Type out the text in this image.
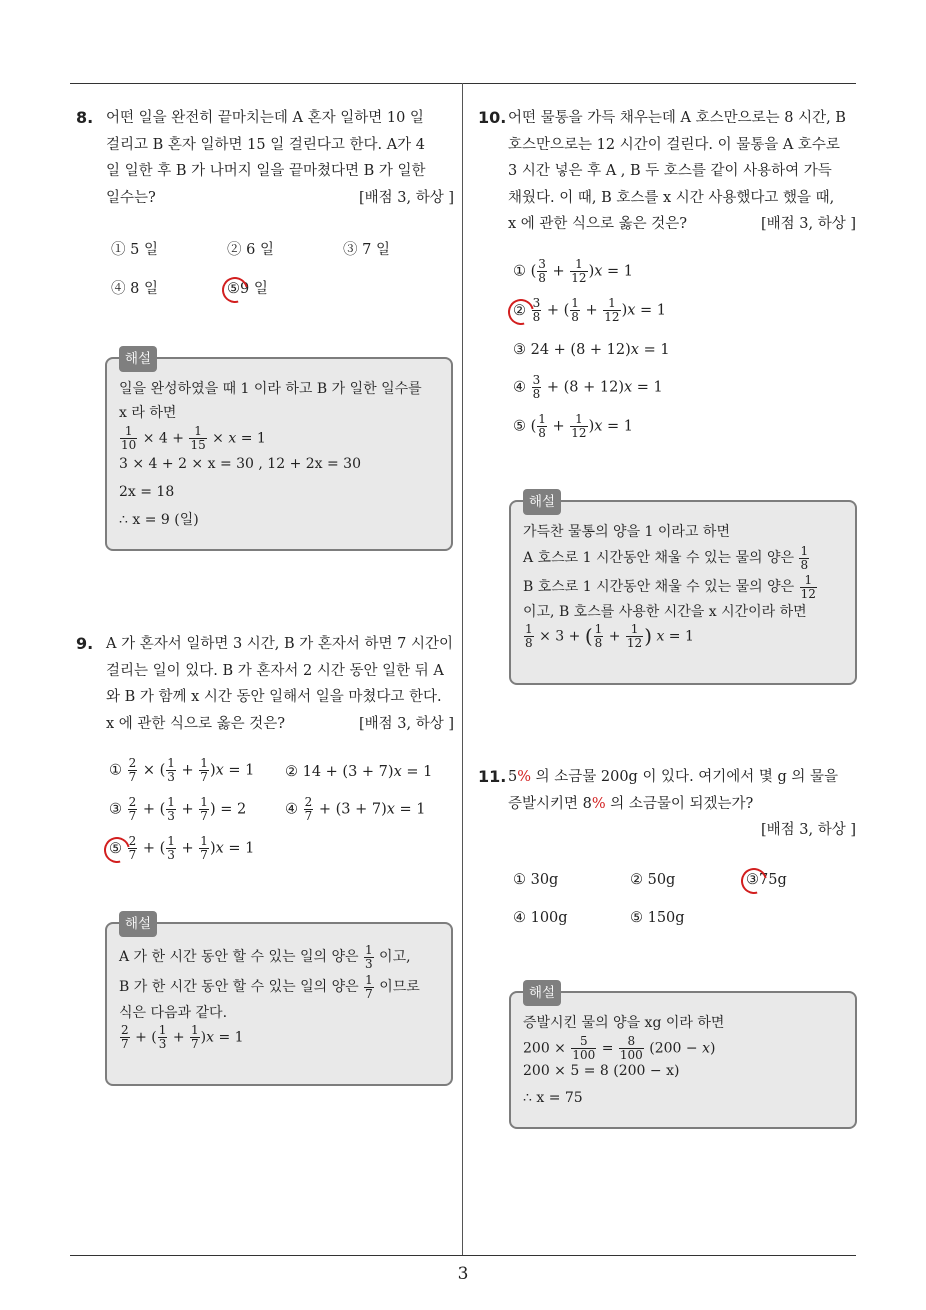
3
8. 어떤 일을 완전히 끝마치는데 A 혼자 일하면 10 일
걸리고 B 혼자 일하면 15 일 걸린다고 한다. A가 4
일 일한 후 B 가 나머지 일을 끝마쳤다면 B 가 일한
일수는?	[배점 3, 하상 ]
① 5 일	② 6 일	③ 7 일
④ 8 일	⑤9 일
해설
일을 완성하였을 때 1 이라 하고 B 가 일한 일수를
x 라 하면
$\frac{1}{10} \times 4 + \frac{1}{15} \times x = 1$
3 × 4 + 2 × x = 30 , 12 + 2x = 30
2x = 18
∴ x = 9 (일)
9. A 가 혼자서 일하면 3 시간, B 가 혼자서 하면 7 시간이
걸리는 일이 있다. B 가 혼자서 2 시간 동안 일한 뒤 A
와 B 가 함께 x 시간 동안 일해서 일을 마쳤다고 한다.
x 에 관한 식으로 옳은 것은?	[배점 3, 하상 ]
① $\frac{2}{7}$ × ( $\frac{1}{3} + \frac{1}{7} )x = 1$ ② 14 + (3 + 7)x = 1
③ $\frac{2}{7}$ + ( $\frac{1}{3} + \frac{1}{7}$ ) = 2	④ $\frac{2}{7} + (3 + 7)x = 1$
⑤ $\frac{2}{7}$ + ( $\frac{1}{3} + \frac{1}{7} )x = 1$
해설
A 가 한 시간 동안 할 수 있는 일의 양은 $\frac{1}{3}$ 이고,
B 가 한 시간 동안 할 수 있는 일의 양은 $\frac{1}{7}$ 이므로
식은 다음과 같다.
$\frac{2}{7}$ + ( $\frac{1}{3} + \frac{1}{7} )x = 1$
10. 어떤 물통을 가득 채우는데 A 호스만으로는 8 시간, B
호스만으로는 12 시간이 걸린다. 이 물통을 A 호수로
3 시간 넣은 후 A , B 두 호스를 같이 사용하여 가득
채웠다. 이 때, B 호스를 x 시간 사용했다고 했을 때,
x 에 관한 식으로 옳은 것은?	[배점 3, 하상 ]
① ( $\frac{3}{8} + \frac{1}{12} )x = 1$
② $\frac{3}{8}$ + ( $\frac{1}{8} + \frac{1}{12} )x = 1$
③ 24 + (8 + 12)x = 1
④ $\frac{3}{8} + (8 + 12)x = 1$
⑤ ( $\frac{1}{8} + \frac{1}{12} )x = 1$
해설
가득찬 물통의 양을 1 이라고 하면
A 호스로 1 시간동안 채울 수 있는 물의 양은 $\frac{1}{8}$
B 호스로 1 시간동안 채울 수 있는 물의 양은 $\frac{1}{12}$
이고, B 호스를 사용한 시간을 x 시간이라 하면
$\frac{1}{8} \times 3$ + ( $\frac{1}{8} + \frac{1}{12}$ ) x = 1
11. 5% 의 소금물 200g 이 있다. 여기에서 몇 g 의 물을
증발시키면 8% 의 소금물이 되겠는가?
[배점 3, 하상 ]
① 30g	② 50g	③75g
④ 100g	⑤ 150g
해설
증발시킨 물의 양을 xg 이라 하면
$200 \times \frac{5}{100} = \frac{8}{100} (200 - x)$
200 × 5 = 8 (200 − x)
∴ x = 75
